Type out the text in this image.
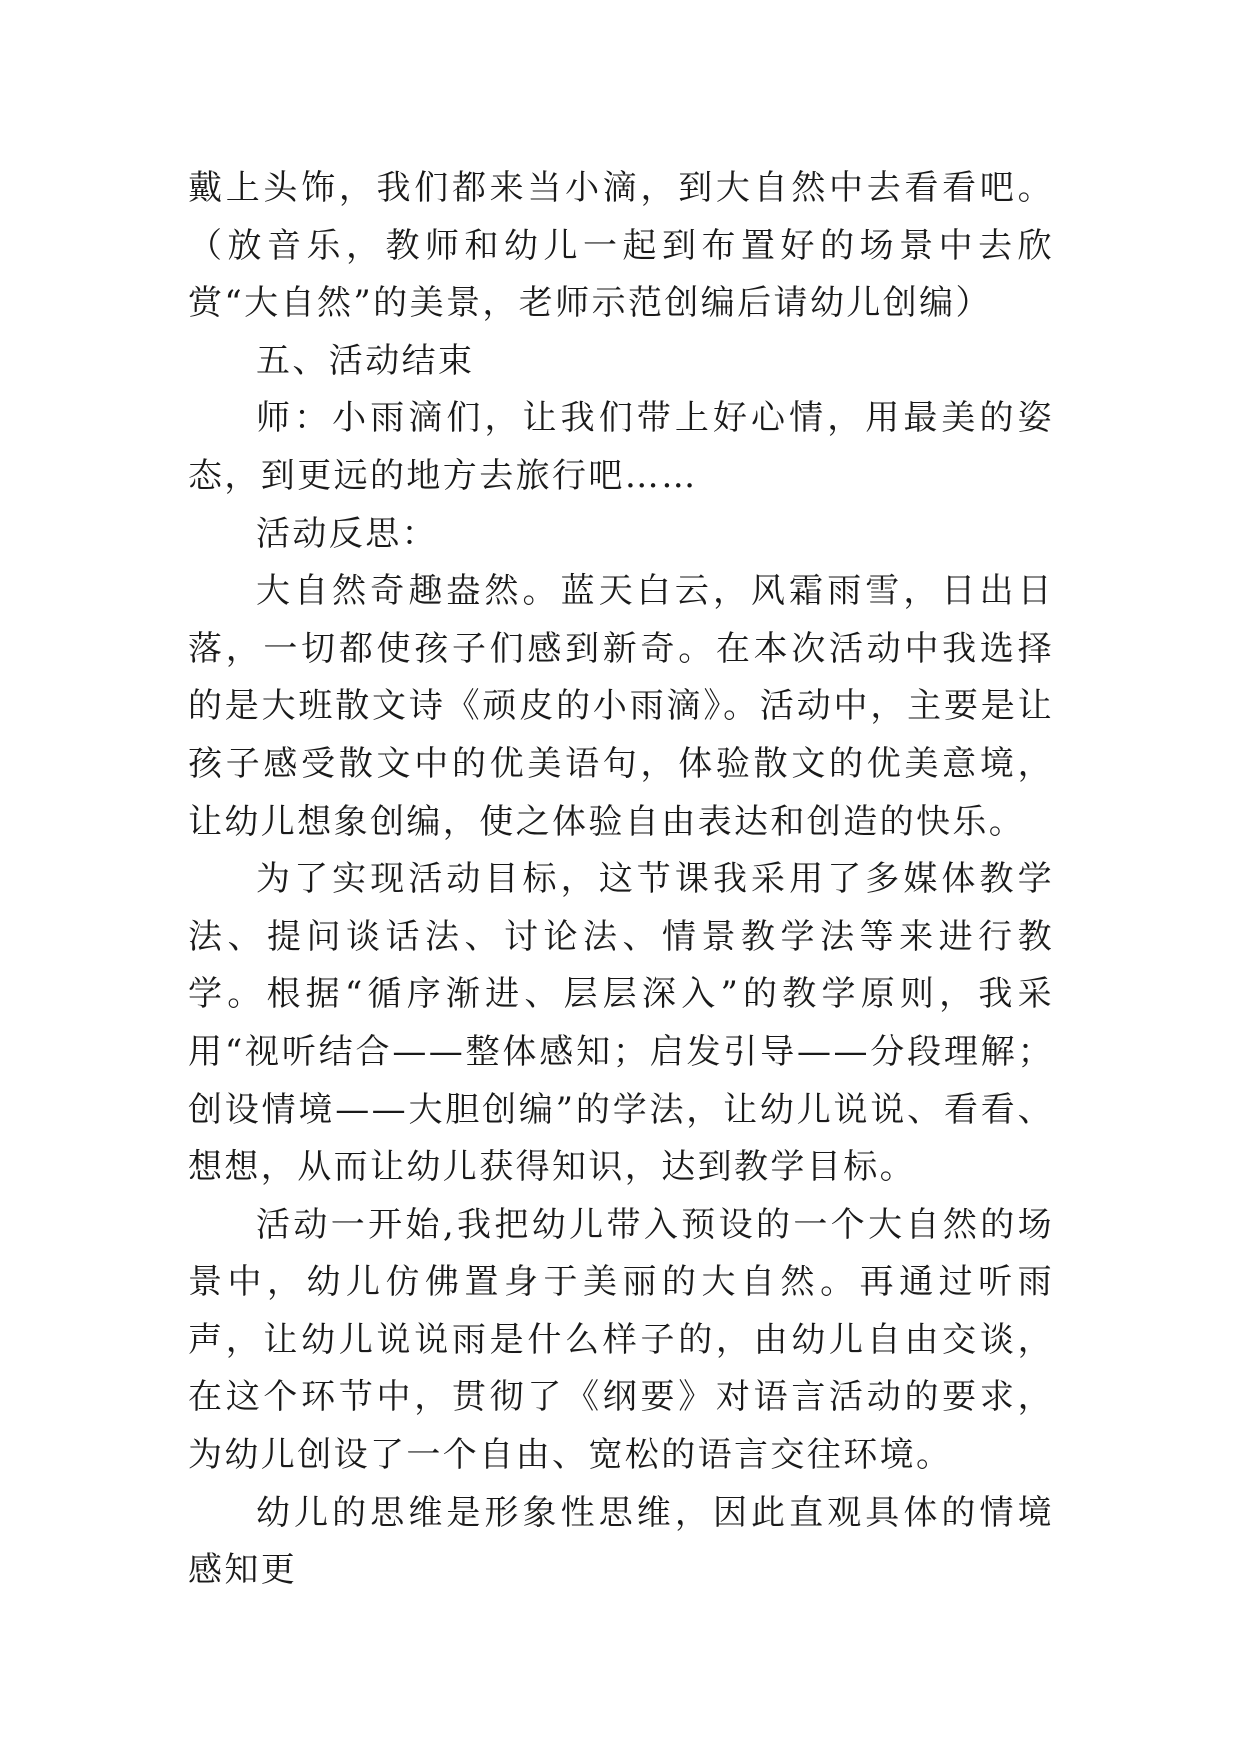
戴上头饰，我们都来当小滴，到大自然中去看看吧。（放音乐，教师和幼儿一起到布置好的场景中去欣赏“大自然”的美景，老师示范创编后请幼儿创编）

五、活动结束

师：小雨滴们，让我们带上好心情，用最美的姿态，到更远的地方去旅行吧……

活动反思：

大自然奇趣盎然。蓝天白云，风霜雨雪，日出日落，一切都使孩子们感到新奇。在本次活动中我选择的是大班散文诗《顽皮的小雨滴》。活动中，主要是让孩子感受散文中的优美语句，体验散文的优美意境，让幼儿想象创编，使之体验自由表达和创造的快乐。

为了实现活动目标，这节课我采用了多媒体教学法、提问谈话法、讨论法、情景教学法等来进行教学。根据“循序渐进、层层深入”的教学原则，我采用“视听结合——整体感知；启发引导——分段理解；创设情境——大胆创编”的学法，让幼儿说说、看看、想想，从而让幼儿获得知识，达到教学目标。

活动一开始,我把幼儿带入预设的一个大自然的场景中，幼儿仿佛置身于美丽的大自然。再通过听雨声，让幼儿说说雨是什么样子的，由幼儿自由交谈，在这个环节中，贯彻了《纲要》对语言活动的要求，为幼儿创设了一个自由、宽松的语言交往环境。

幼儿的思维是形象性思维，因此直观具体的情境感知更
